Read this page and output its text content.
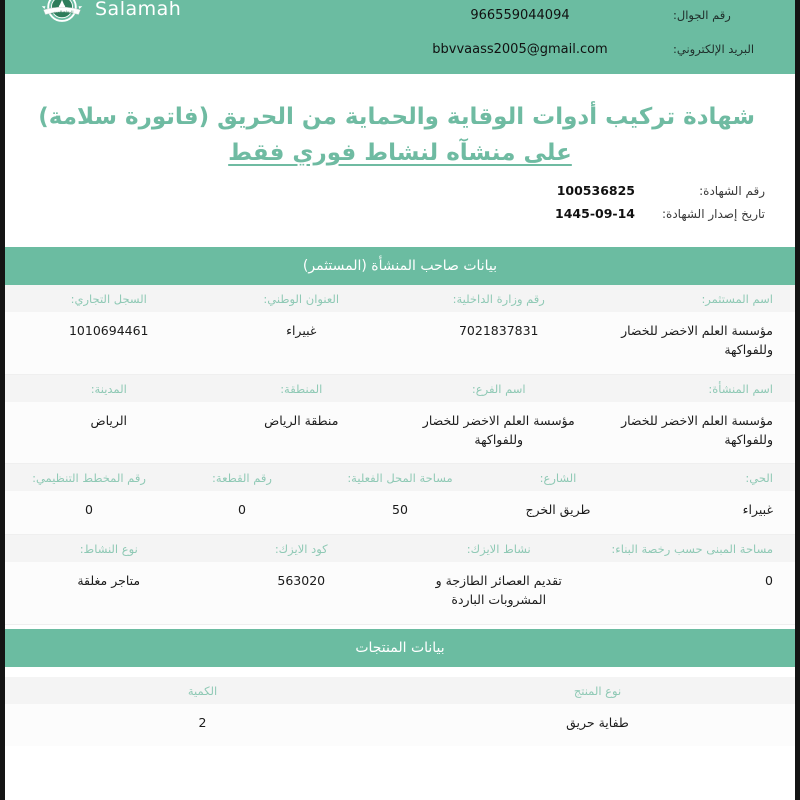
الدفاع المدني Salamah	رقم الجوال:
966559044094
البريد الإلكتروني:
bbvvaass2005@gmail.com
شهادة تركيب أدوات الوقاية والحماية من الحريق (فاتورة سلامة)
على منشآه لنشاط فوري فقط
رقم الشهادة:
100536825
تاريخ إصدار الشهادة:
1445-09-14
بيانات صاحب المنشأة (المستثمر)
اسم المستثمر:	رقم وزارة الداخلية:	العنوان الوطني:	السجل التجاري:
مؤسسة العلم الاخضر للخضار وللفواكهة	7021837831	غبيراء	1010694461
اسم المنشأة:	اسم الفرع:	المنطقة:	المدينة:
مؤسسة العلم الاخضر للخضار وللفواكهة	مؤسسة العلم الاخضر للخضار وللفواكهة	منطقة الرياض	الرياض
الحي:	الشارع:	مساحة المحل الفعلية:	رقم القطعة:	رقم المخطط التنظيمي:
غبيراء	طريق الخرج	50	0	0
مساحة المبنى حسب رخصة البناء:	نشاط الايزك:	كود الايزك:	نوع النشاط:
0	تقديم العصائر الطازجة و المشروبات الباردة	563020	متاجر مغلقة
بيانات المنتجات
نوع المنتج	الكمية
طفاية حريق	2
